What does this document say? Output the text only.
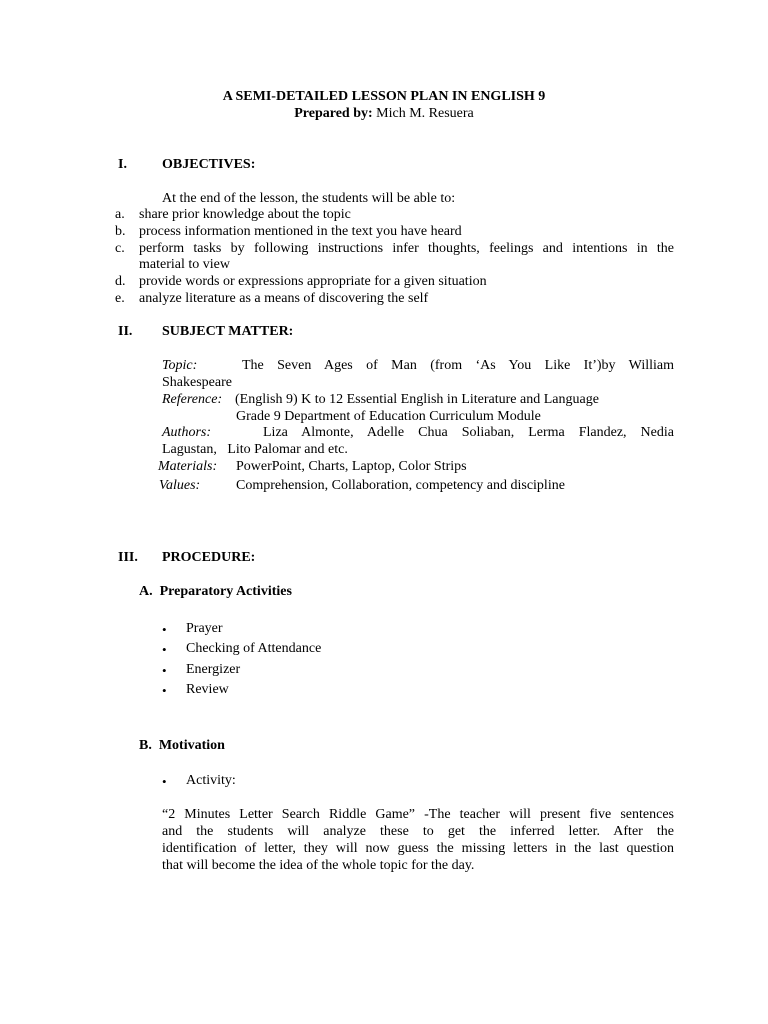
A SEMI-DETAILED LESSON PLAN IN ENGLISH 9
Prepared by: Mich M. Resuera
I.	OBJECTIVES:
At the end of the lesson, the students will be able to:
a. share prior knowledge about the topic
b. process information mentioned in the text you have heard
c. perform tasks by following instructions infer thoughts, feelings and intentions in the
material to view
d. provide words or expressions appropriate for a given situation
e. analyze literature as a means of discovering the self
II. SUBJECT MATTER:
Topic:	The Seven Ages of Man (from ‘As You Like It’)by William
Shakespeare
Reference: (English 9) K to 12 Essential English in Literature and Language
Grade 9 Department of Education Curriculum Module
Authors:	Liza Almonte, Adelle Chua Soliaban, Lerma Flandez, Nedia
Lagustan,   Lito Palomar and etc.
Materials: PowerPoint, Charts, Laptop, Color Strips
Values:	Comprehension, Collaboration, competency and discipline
III. PROCEDURE:
A.  Preparatory Activities
• Prayer
• Checking of Attendance
• Energizer
• Review
B.  Motivation
• Activity:
“2 Minutes Letter Search Riddle Game” -The teacher will present five sentences
and the students will analyze these to get the inferred letter. After the
identification of letter, they will now guess the missing letters in the last question
that will become the idea of the whole topic for the day.
